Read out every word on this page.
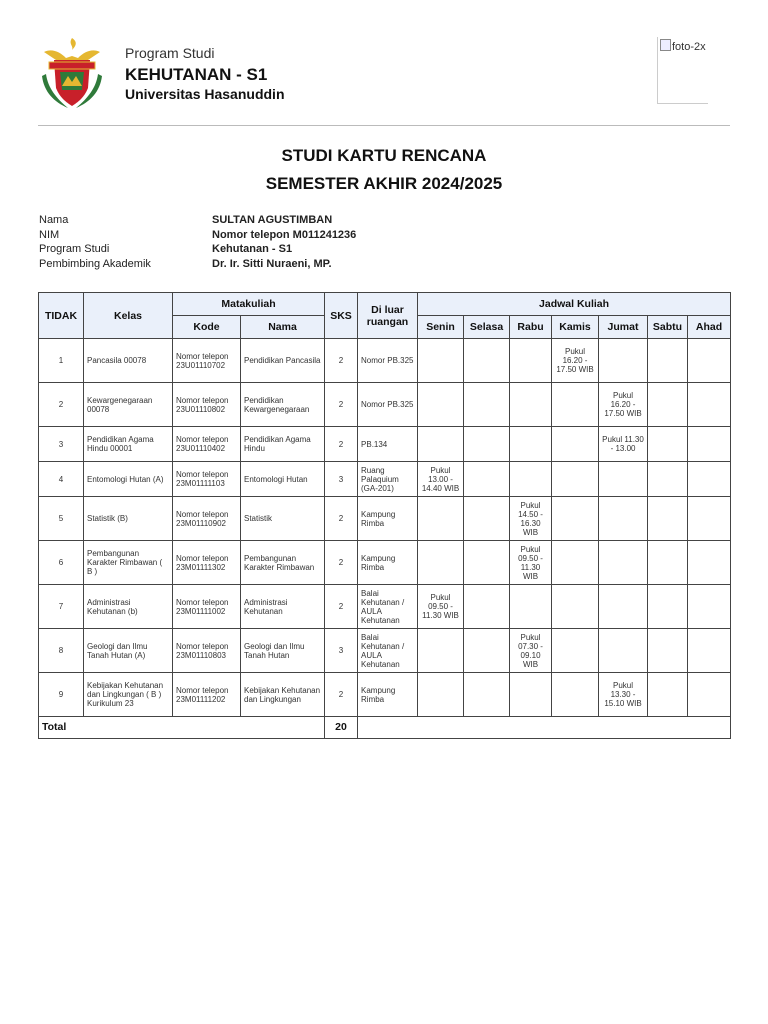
Program Studi
KEHUTANAN - S1
Universitas Hasanuddin
foto-2x
STUDI KARTU RENCANA
SEMESTER AKHIR 2024/2025
Nama	SULTAN AGUSTIMBAN
NIM	Nomor telepon M011241236
Program Studi	Kehutanan - S1
Pembimbing Akademik	Dr. Ir. Sitti Nuraeni, MP.
TIDAK	Kelas	Matakuliah		SKS	Di luar ruangan	Jadwal Kuliah						
		Kode	Nama			Senin	Selasa	Rabu	Kamis	Jumat	Sabtu	Ahad
1	Pancasila 00078	Nomor telepon 23U01110702	Pendidikan Pancasila	2	Nomor PB.325				Pukul 16.20 - 17.50 WIB			
2	Kewargenegaraan 00078	Nomor telepon 23U01110802	Pendidikan Kewargenegaraan	2	Nomor PB.325					Pukul 16.20 - 17.50 WIB		
3	Pendidikan Agama Hindu 00001	Nomor telepon 23U01110402	Pendidikan Agama Hindu	2	PB.134					Pukul 11.30 - 13.00		
4	Entomologi Hutan (A)	Nomor telepon 23M01111103	Entomologi Hutan	3	Ruang Palaquium (GA-201)	Pukul 13.00 - 14.40 WIB						
5	Statistik (B)	Nomor telepon 23M01110902	Statistik	2	Kampung Rimba			Pukul 14.50 - 16.30 WIB				
6	Pembangunan Karakter Rimbawan ( B )	Nomor telepon 23M01111302	Pembangunan Karakter Rimbawan	2	Kampung Rimba			Pukul 09.50 - 11.30 WIB				
7	Administrasi Kehutanan (b)	Nomor telepon 23M01111002	Administrasi Kehutanan	2	Balai Kehutanan / AULA Kehutanan	Pukul 09.50 - 11.30 WIB						
8	Geologi dan Ilmu Tanah Hutan (A)	Nomor telepon 23M01110803	Geologi dan Ilmu Tanah Hutan	3	Balai Kehutanan / AULA Kehutanan			Pukul 07.30 - 09.10 WIB				
9	Kebijakan Kehutanan dan Lingkungan ( B ) Kurikulum 23	Nomor telepon 23M01111202	Kebijakan Kehutanan dan Lingkungan	2	Kampung Rimba					Pukul 13.30 - 15.10 WIB		
Total				20								
